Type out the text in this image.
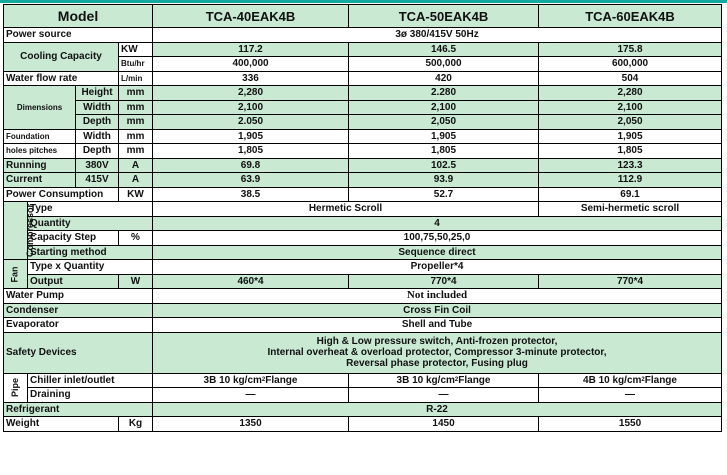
Model				TCA-40EAK4B	TCA-50EAK4B	TCA-60EAK4B
Power source				3ø 380/415V 50Hz		
Cooling Capacity			KW	117.2	146.5	175.8
			Btu/hr	400,000	500,000	600,000
Water flow rate			L/min	336	420	504
Dimensions		Height	mm	2,280	2.280	2,280
		Width	mm	2,100	2,100	2,100
		Depth	mm	2.050	2,050	2,050
Foundation		Width	mm	1,905	1,905	1,905
holes pitches		Depth	mm	1,805	1,805	1,805
Running		380V	A	69.8	102.5	123.3
Current		415V	A	63.9	93.9	112.9
Power Consumption			KW	38.5	52.7	69.1
Compressor	Type			Hermetic Scroll		Semi-hermetic scroll
	Quantity			4		
	Capacity Step		%	100,75,50,25,0		
	Starting method			Sequence direct		
Fan	Type x Quantity			Propeller*4		
	Output		W	460*4	770*4	770*4
Water Pump				Not included		
Condenser				Cross Fin Coil		
Evaporator				Shell and Tube		
Safety Devices				High & Low pressure switch, Anti-frozen protector,
Internal overheat & overload protector, Compressor 3-minute protector,
Reversal phase protector, Fusing plug		

Pipe	Chiller inlet/outlet			3B 10 $kg/cm^2Flange$	3B 10 $kg/cm^2Flange$	4B 10 $kg/cm^2Flange$
	Draining			—	—	—
Refrigerant				R-22		
Weight			Kg	1350	1450	1550
